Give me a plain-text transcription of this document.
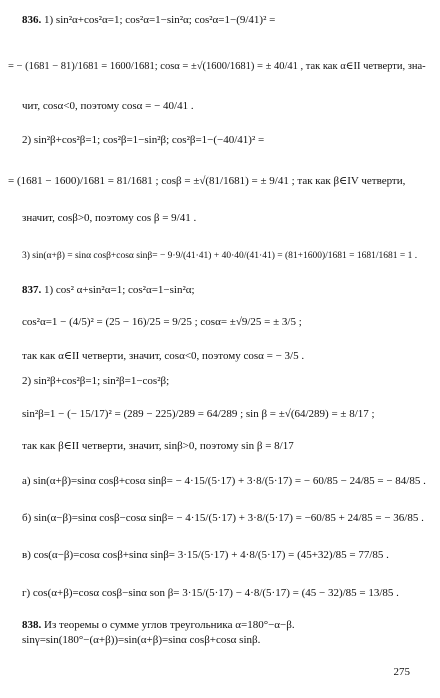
836. 1) sin²α+cos²α=1; cos²α=1−sin²α; cos²α=1−(9/41)² =
= − (1681 − 81)/1681 = 1600/1681; cosα = ±√(1600/1681) = ± 40/41 , так как α∈II четверти, зна-
чит, cosα<0, поэтому cosα = − 40/41 .
2) sin²β+cos²β=1; cos²β=1−sin²β; cos²β=1−(−40/41)² =
= (1681 − 1600)/1681 = 81/1681 ; cosβ = ±√(81/1681) = ± 9/41 ; так как β∈IV четверти,
значит, cosβ>0, поэтому cos β = 9/41 .
3) sin(α+β) = sinα cosβ+cosα sinβ= − 9·9/(41·41) + 40·40/(41·41) = (81+1600)/1681 = 1681/1681 = 1 .
837. 1) cos² α+sin²α=1; cos²α=1−sin²α;
cos²α=1 − (4/5)² = (25 − 16)/25 = 9/25 ; cosα= ±√9/25 = ± 3/5 ;
так как α∈II четверти, значит, cosα<0, поэтому cosα = − 3/5 .
2) sin²β+cos²β=1; sin²β=1−cos²β;
sin²β=1 − (− 15/17)² = (289 − 225)/289 = 64/289 ; sin β = ±√(64/289) = ± 8/17 ;
так как β∈II четверти, значит, sinβ>0, поэтому sin β = 8/17
а) sin(α+β)=sinα cosβ+cosα sinβ= − 4·15/(5·17) + 3·8/(5·17) = − 60/85 − 24/85 = − 84/85 .
б) sin(α−β)=sinα cosβ−cosα sinβ= − 4·15/(5·17) + 3·8/(5·17) = −60/85 + 24/85 = − 36/85 .
в) cos(α−β)=cosα cosβ+sinα sinβ= 3·15/(5·17) + 4·8/(5·17) = (45+32)/85 = 77/85 .
г) cos(α+β)=cosα cosβ−sinα son β= 3·15/(5·17) − 4·8/(5·17) = (45 − 32)/85 = 13/85 .
838. Из теоремы о сумме углов треугольника α=180°−α−β.
sinγ=sin(180°−(α+β))=sin(α+β)=sinα cosβ+cosα sinβ.
275
